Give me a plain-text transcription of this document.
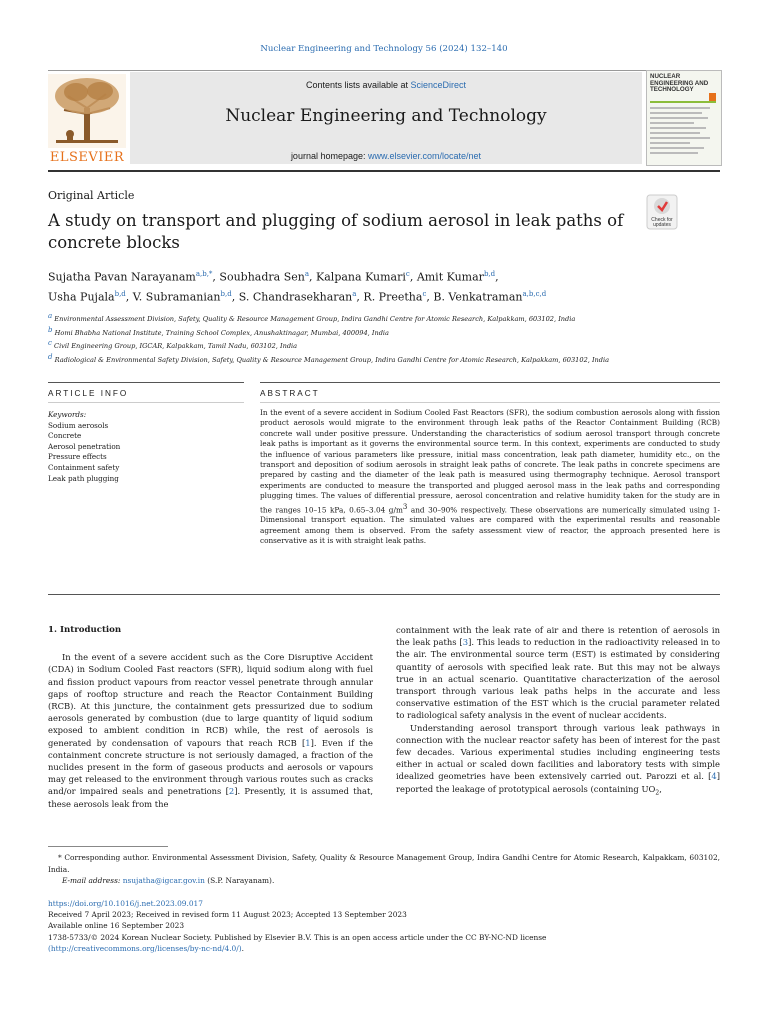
Nuclear Engineering and Technology 56 (2024) 132–140
ELSEVIER
Contents lists available at ScienceDirect
Nuclear Engineering and Technology
journal homepage: www.elsevier.com/locate/net
NUCLEAR ENGINEERING AND TECHNOLOGY
Original Article
A study on transport and plugging of sodium aerosol in leak paths of concrete blocks
Check for
updates
Sujatha Pavan Narayanam$^{a,b,*}$, Soubhadra Sen$^a$, Kalpana Kumari$^c$, Amit Kumar$^{b,d}$,
Usha Pujala$^{b,d}$, V. Subramanian$^{b,d}$, S. Chandrasekharan$^a$, R. Preetha$^c$, B. Venkatraman$^{a,b,c,d}$
$^a$ Environmental Assessment Division, Safety, Quality & Resource Management Group, Indira Gandhi Centre for Atomic Research, Kalpakkam, 603102, India
$^b$ Homi Bhabha National Institute, Training School Complex, Anushaktinagar, Mumbai, 400094, India
$^c$ Civil Engineering Group, IGCAR, Kalpakkam, Tamil Nadu, 603102, India
$^d$ Radiological & Environmental Safety Division, Safety, Quality & Resource Management Group, Indira Gandhi Centre for Atomic Research, Kalpakkam, 603102, India
ARTICLE INFO	ABSTRACT
Keywords:
Sodium aerosols
Concrete
Aerosol penetration
Pressure effects
Containment safety
Leak path plugging
In the event of a severe accident in Sodium Cooled Fast Reactors (SFR), the sodium combustion aerosols along with fission product aerosols would migrate to the environment through leak paths of the Reactor Containment Building (RCB) concrete wall under positive pressure. Understanding the characteristics of sodium aerosol transport through concrete leak paths is important as it governs the environmental source term. In this context, experiments are conducted to study the influence of various parameters like pressure, initial mass concentration, leak path diameter, humidity etc., on the transport and deposition of sodium aerosols in straight leak paths of concrete. The leak paths in concrete specimens are prepared by casting and the diameter of the leak path is measured using thermography technique. Aerosol transport experiments are conducted to measure the transported and plugged aerosol mass in the leak paths and corresponding plugging times. The values of differential pressure, aerosol concentration and relative humidity taken for the study are in the ranges 10–15 kPa, 0.65–3.04 $g/m^3$ and 30–90% respectively. These observations are numerically simulated using 1-Dimensional transport equation. The simulated values are compared with the experimental results and reasonable agreement among them is observed. From the safety assessment view of reactor, the approach presented here is conservative as it is with straight leak paths.

1. Introduction

In the event of a severe accident such as the Core Disruptive Accident (CDA) in Sodium Cooled Fast reactors (SFR), liquid sodium along with fuel and fission product vapours from reactor vessel penetrate through annular gaps of rooftop structure and reach the Reactor Containment Building (RCB). At this juncture, the containment gets pressurized due to sodium aerosols generated by combustion (due to large quantity of liquid sodium exposed to ambient condition in RCB) while, the rest of aerosols is generated by condensation of vapours that reach RCB [1]. Even if the containment concrete structure is not seriously damaged, a fraction of the nuclides present in the form of gaseous products and aerosols or vapours may get released to the environment through various routes such as cracks and/or impaired seals and penetrations [2]. Presently, it is assumed that, these aerosols leak from the

containment with the leak rate of air and there is retention of aerosols in the leak paths [3]. This leads to reduction in the radioactivity released in to the air. The environmental source term (EST) is estimated by considering quantity of aerosols with specified leak rate. But this may not be always true in an actual scenario. Quantitative characterization of the aerosol transport through various leak paths helps in the accurate and less conservative estimation of the EST which is the crucial parameter related to radiological safety analysis in the event of nuclear accidents.

Understanding aerosol transport through various leak pathways in connection with the nuclear reactor safety has been of interest for the past few decades. Various experimental studies including engineering tests either in actual or scaled down facilities and laboratory tests with simple idealized geometries have been extensively carried out. Parozzi et al. [4] reported the leakage of prototypical aerosols (containing $UO_2$,

* Corresponding author. Environmental Assessment Division, Safety, Quality & Resource Management Group, Indira Gandhi Centre for Atomic Research, Kalpakkam, 603102, India.
E-mail address: nsujatha@igcar.gov.in (S.P. Narayanam).
https://doi.org/10.1016/j.net.2023.09.017
Received 7 April 2023; Received in revised form 11 August 2023; Accepted 13 September 2023
Available online 16 September 2023
1738-5733/© 2024 Korean Nuclear Society. Published by Elsevier B.V. This is an open access article under the CC BY-NC-ND license
(http://creativecommons.org/licenses/by-nc-nd/4.0/).
